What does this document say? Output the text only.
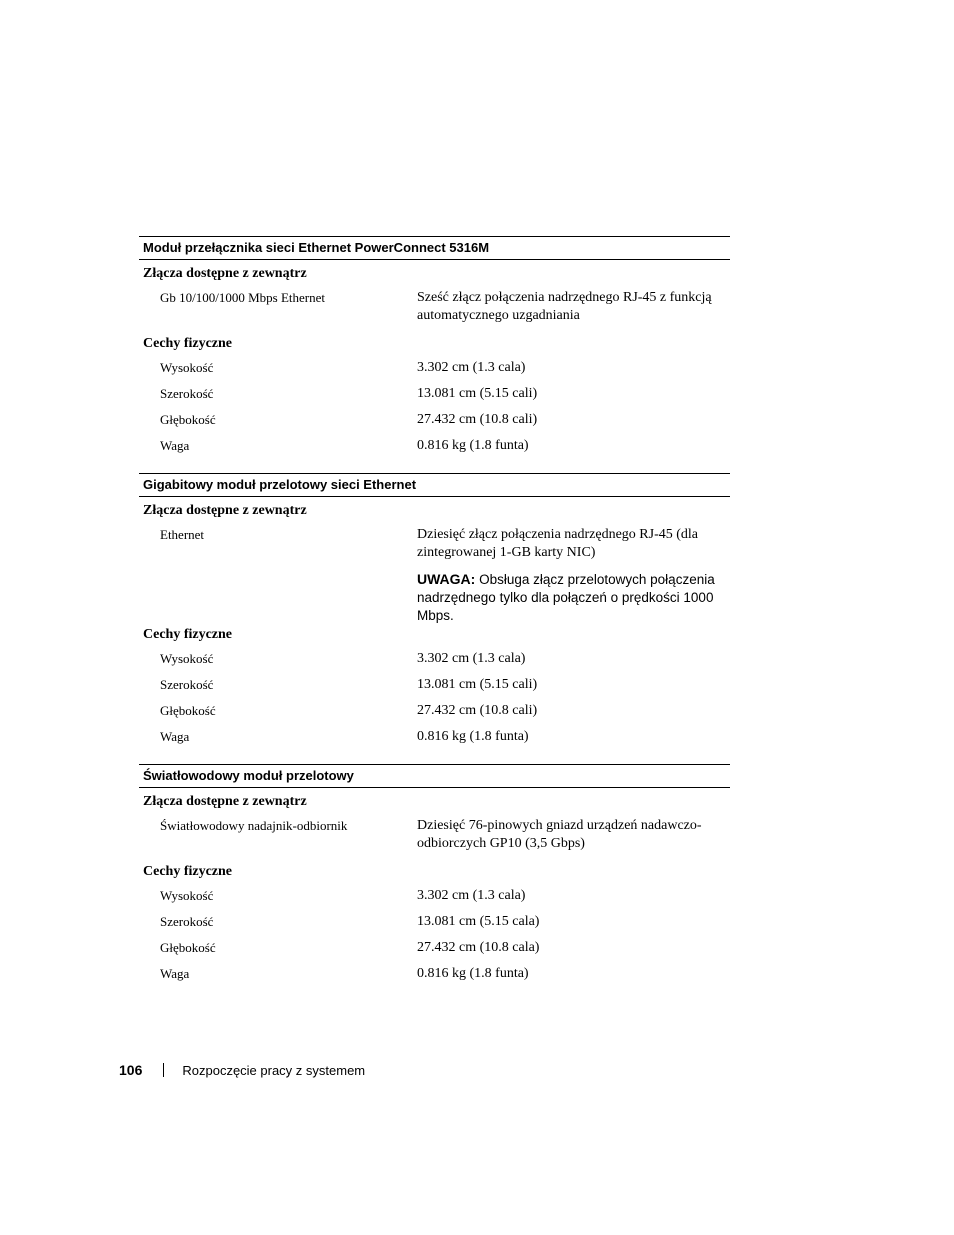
Moduł przełącznika sieci Ethernet PowerConnect 5316M
Złącza dostępne z zewnątrz
Gb 10/100/1000 Mbps Ethernet	Sześć złącz połączenia nadrzędnego RJ-45 z funkcją automatycznego uzgadniania
Cechy fizyczne
Wysokość	3.302 cm (1.3 cala)
Szerokość	13.081 cm (5.15 cali)
Głębokość	27.432 cm (10.8 cali)
Waga	0.816 kg (1.8 funta)
Gigabitowy moduł przelotowy sieci Ethernet
Złącza dostępne z zewnątrz
Ethernet	Dziesięć złącz połączenia nadrzędnego RJ-45 (dla zintegrowanej 1-GB karty NIC)
UWAGA: Obsługa złącz przelotowych połączenia nadrzędnego tylko dla połączeń o prędkości 1000 Mbps.
Cechy fizyczne
Wysokość	3.302 cm (1.3 cala)
Szerokość	13.081 cm (5.15 cali)
Głębokość	27.432 cm (10.8 cali)
Waga	0.816 kg (1.8 funta)
Światłowodowy moduł przelotowy
Złącza dostępne z zewnątrz
Światłowodowy nadajnik-odbiornik	Dziesięć 76-pinowych gniazd urządzeń nadawczo-odbiorczych GP10 (3,5 Gbps)
Cechy fizyczne
Wysokość	3.302 cm (1.3 cala)
Szerokość	13.081 cm (5.15 cala)
Głębokość	27.432 cm (10.8 cala)
Waga	0.816 kg (1.8 funta)
106	Rozpoczęcie pracy z systemem
